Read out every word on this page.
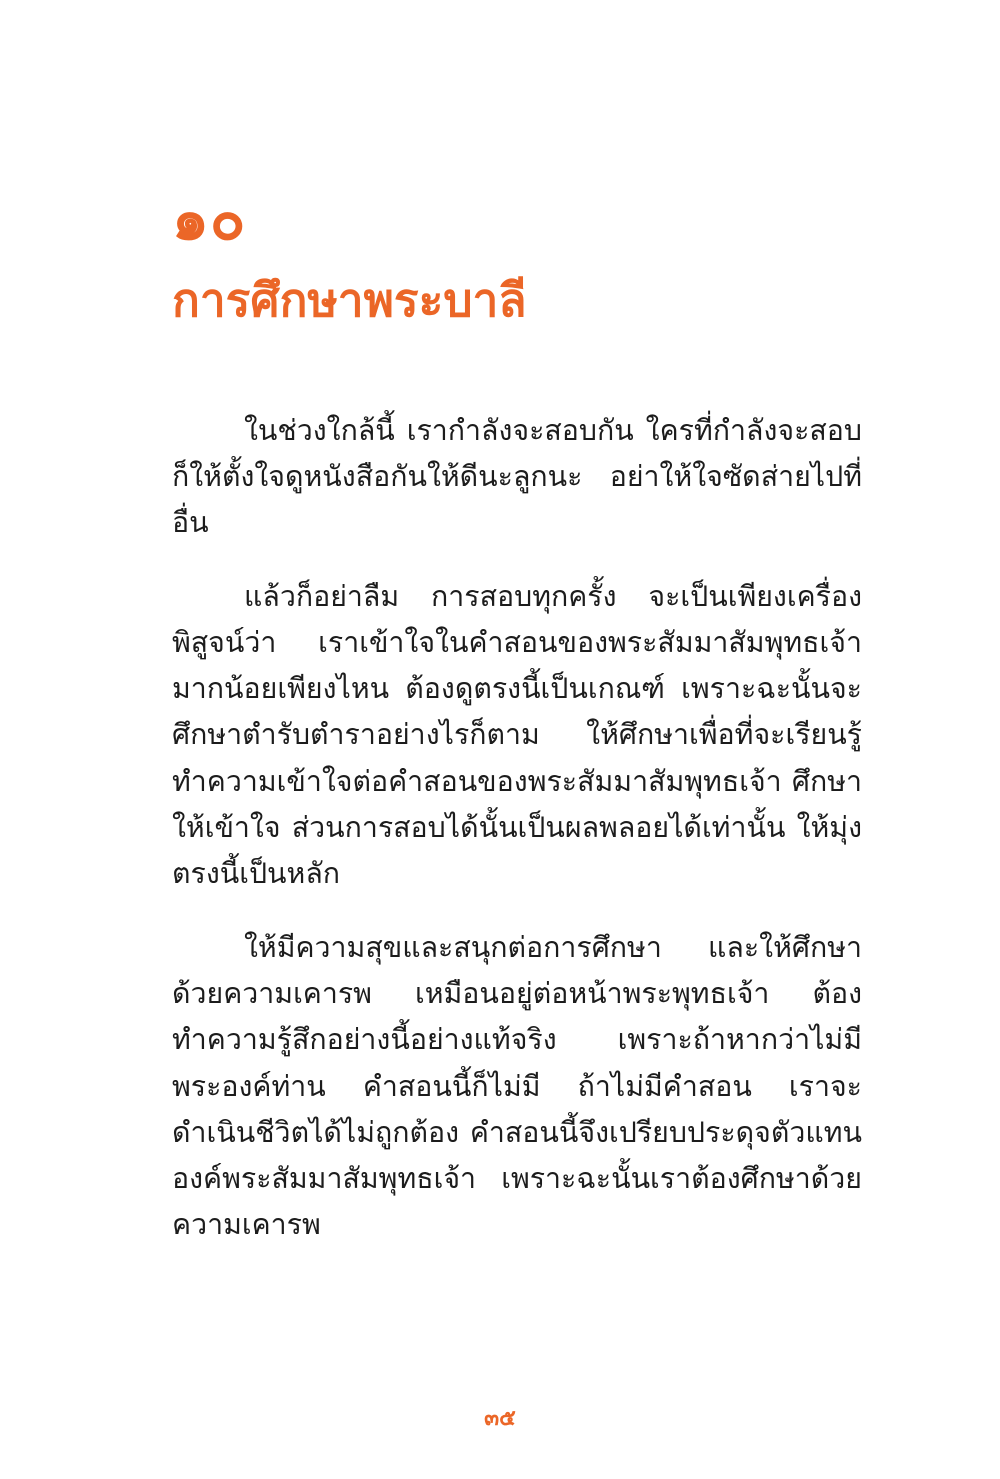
๑๐
การศึกษาพระบาลี

ในช่วงใกล้นี้ เรากำลังจะสอบกัน ใครที่กำลังจะสอบก็ให้ตั้งใจดูหนังสือกันให้ดีนะลูกนะ อย่าให้ใจซัดส่ายไปที่อื่น

แล้วก็อย่าลืม การสอบทุกครั้ง จะเป็นเพียงเครื่องพิสูจน์ว่า เราเข้าใจในคำสอนของพระสัมมาสัมพุทธเจ้ามากน้อยเพียงไหน ต้องดูตรงนี้เป็นเกณฑ์ เพราะฉะนั้นจะศึกษาตำรับตำราอย่างไรก็ตาม ให้ศึกษาเพื่อที่จะเรียนรู้ทำความเข้าใจต่อคำสอนของพระสัมมาสัมพุทธเจ้า ศึกษาให้เข้าใจ ส่วนการสอบได้นั้นเป็นผลพลอยได้เท่านั้น ให้มุ่งตรงนี้เป็นหลัก

ให้มีความสุขและสนุกต่อการศึกษา และให้ศึกษาด้วยความเคารพ เหมือนอยู่ต่อหน้าพระพุทธเจ้า ต้องทำความรู้สึกอย่างนี้อย่างแท้จริง เพราะถ้าหากว่าไม่มีพระองค์ท่าน คำสอนนี้ก็ไม่มี ถ้าไม่มีคำสอน เราจะดำเนินชีวิตได้ไม่ถูกต้อง คำสอนนี้จึงเปรียบประดุจตัวแทนองค์พระสัมมาสัมพุทธเจ้า เพราะฉะนั้นเราต้องศึกษาด้วยความเคารพ

๓๕
